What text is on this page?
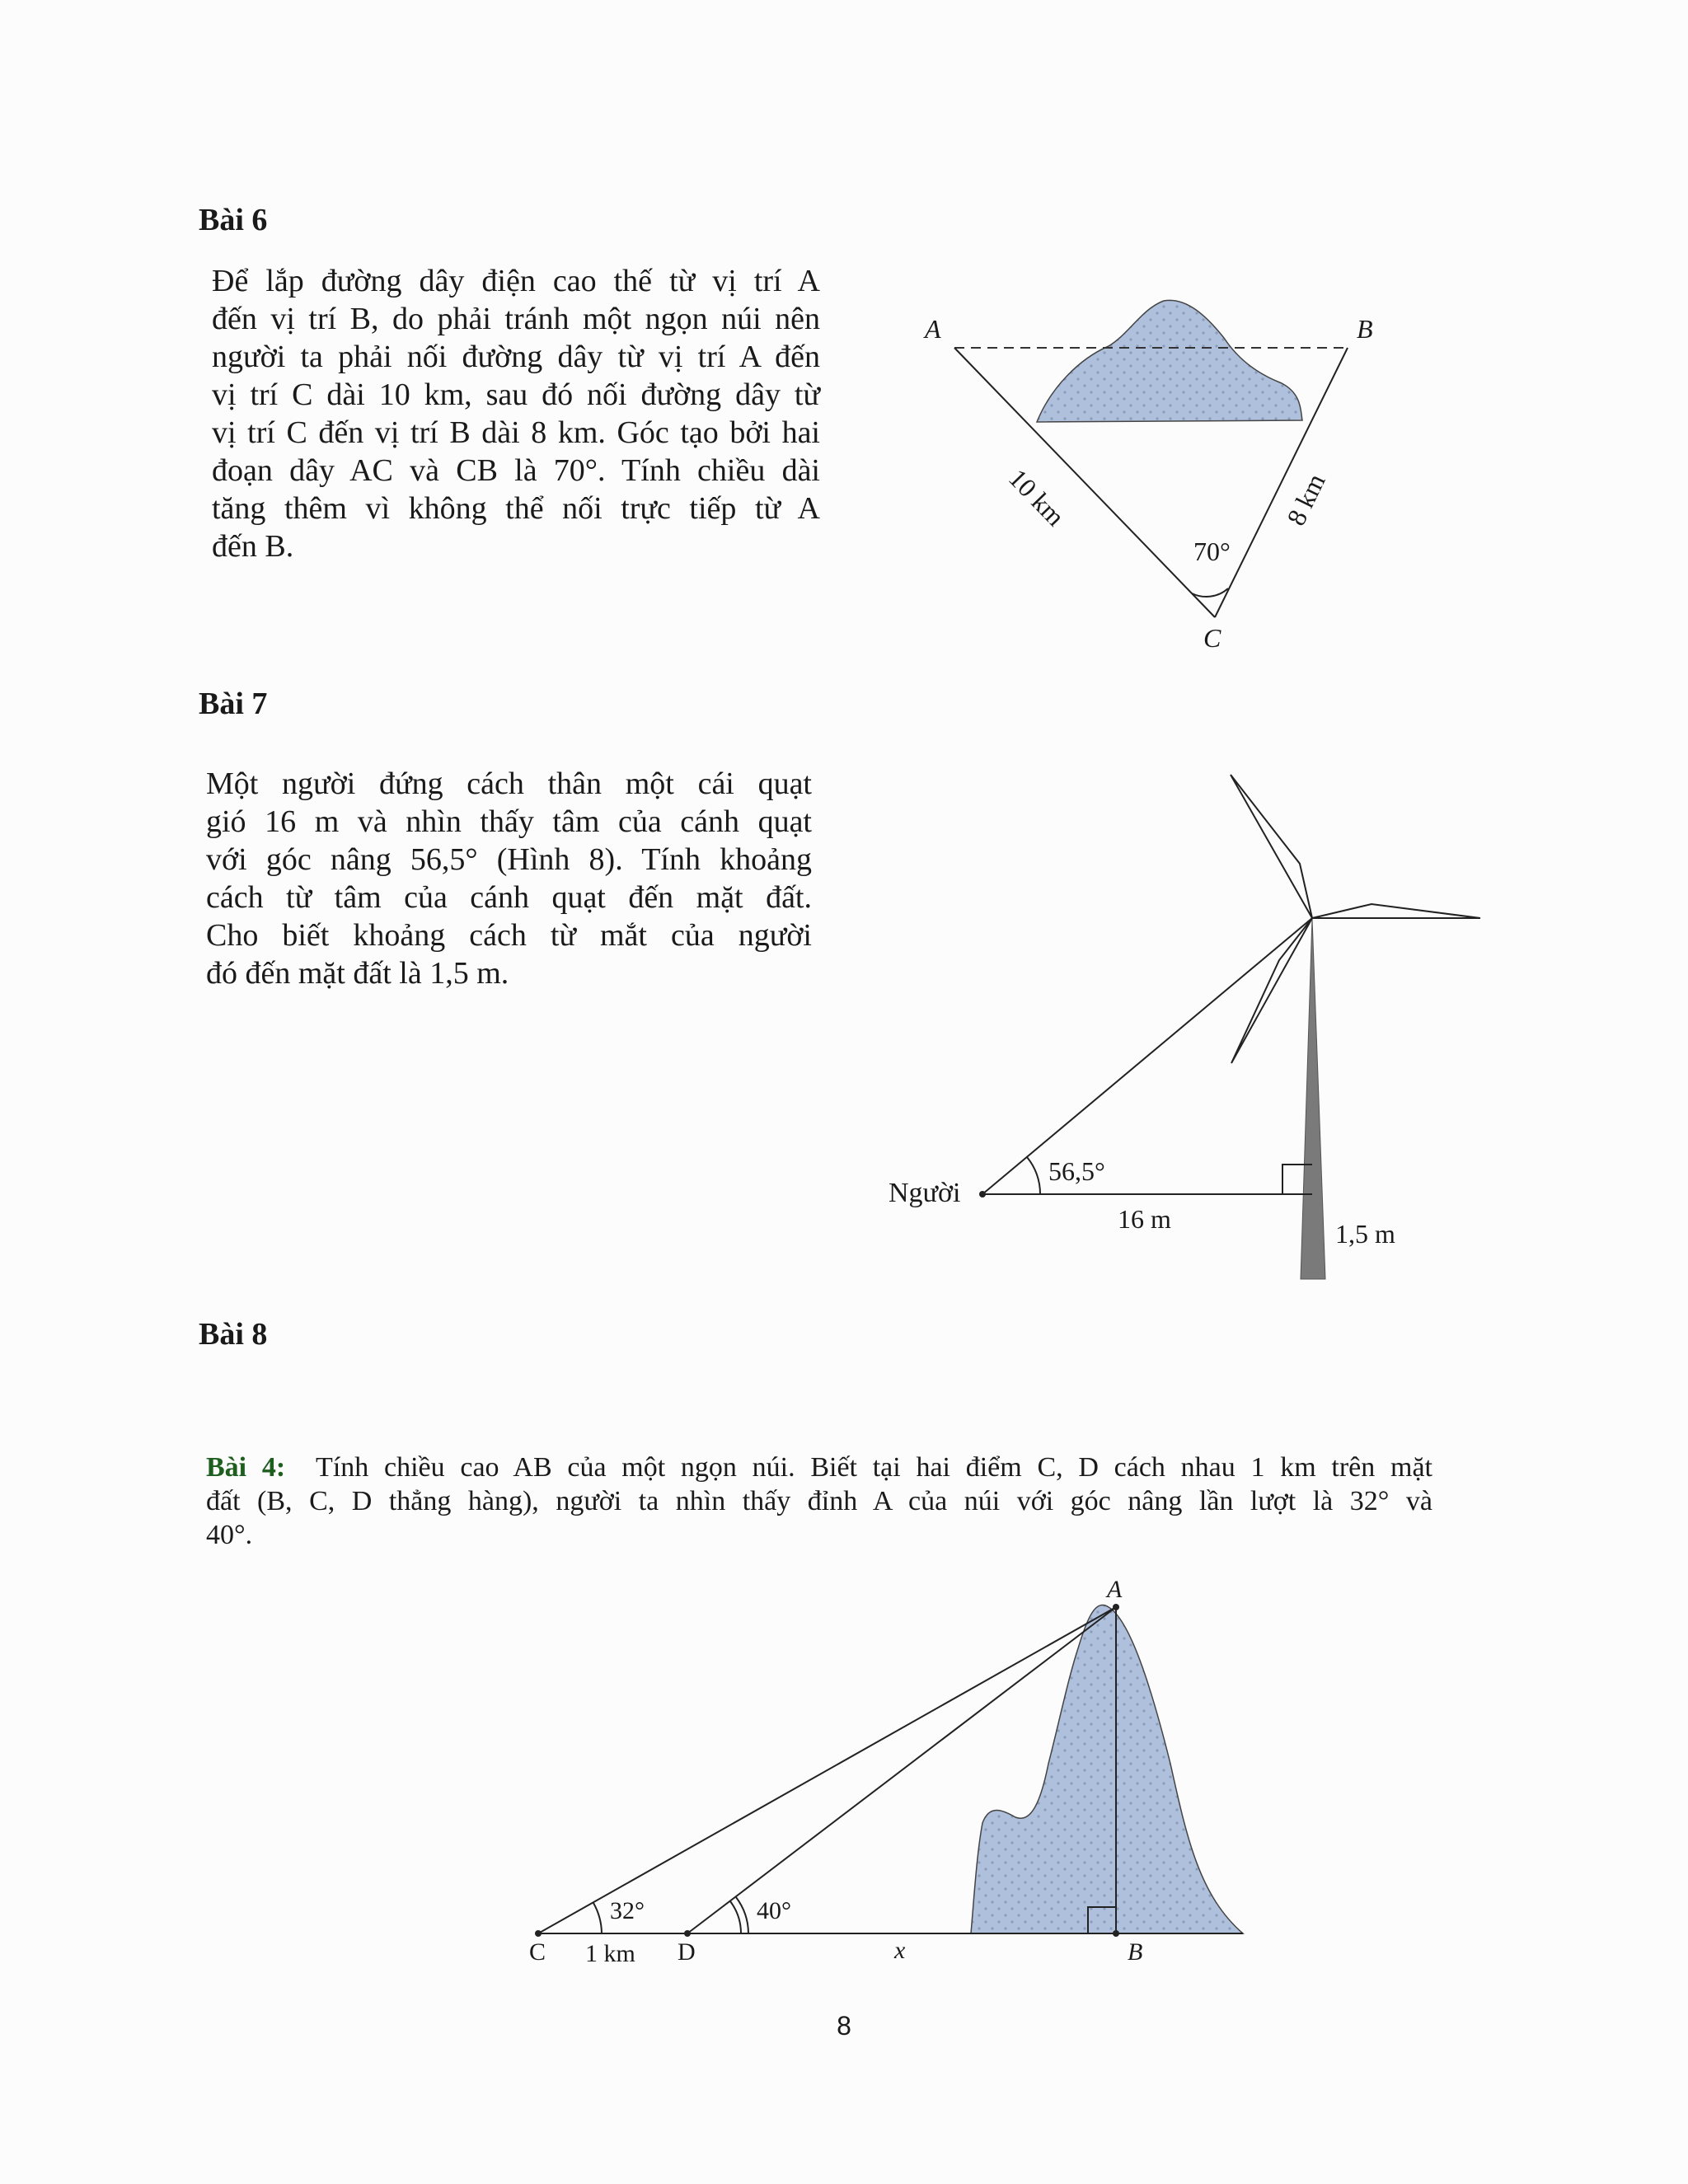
Bài 6
Để lắp đường dây điện cao thế từ vị trí A
đến vị trí B, do phải tránh một ngọn núi nên
người ta phải nối đường dây từ vị trí A đến
vị trí C dài 10 km, sau đó nối đường dây từ
vị trí C đến vị trí B dài 8 km. Góc tạo bởi hai
đoạn dây AC và CB là 70°. Tính chiều dài
tăng thêm vì không thể nối trực tiếp từ A
đến B.
Bài 7
Một người đứng cách thân một cái quạt
gió 16 m và nhìn thấy tâm của cánh quạt
với góc nâng 56,5° (Hình 8). Tính khoảng
cách từ tâm của cánh quạt đến mặt đất.
Cho biết khoảng cách từ mắt của người
đó đến mặt đất là 1,5 m.
Bài 8
Bài 4: Tính chiều cao AB của một ngọn núi. Biết tại hai điểm C, D cách nhau 1 km trên mặt
đất (B, C, D thẳng hàng), người ta nhìn thấy đỉnh A của núi với góc nâng lần lượt là 32° và
40°.
A	B
C
10 km	8 km
70°
Người
56,5°
16 m	1,5 m
A
B
C	D
1 km	x
32°	40°
8
